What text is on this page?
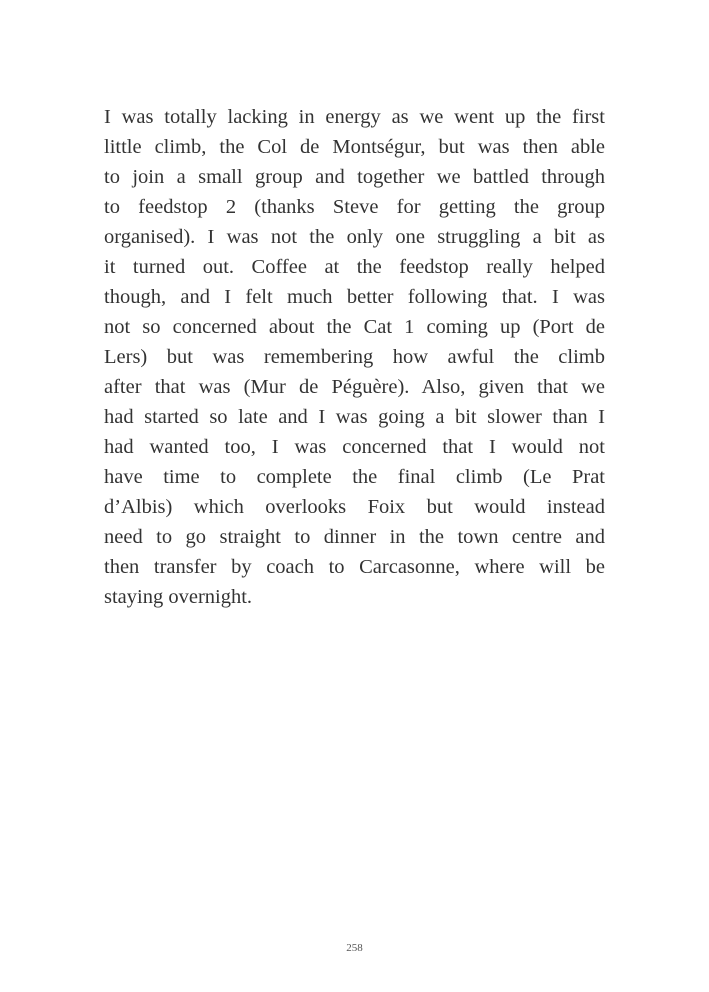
I was totally lacking in energy as we went up the first
little climb, the Col de Montségur, but was then able
to join a small group and together we battled through
to feedstop 2 (thanks Steve for getting the group
organised). I was not the only one struggling a bit as
it turned out. Coffee at the feedstop really helped
though, and I felt much better following that. I was
not so concerned about the Cat 1 coming up (Port de
Lers) but was remembering how awful the climb
after that was (Mur de Péguère). Also, given that we
had started so late and I was going a bit slower than I
had wanted too, I was concerned that I would not
have time to complete the final climb (Le Prat
d’Albis) which overlooks Foix but would instead
need to go straight to dinner in the town centre and
then transfer by coach to Carcasonne, where will be
staying overnight.

258
